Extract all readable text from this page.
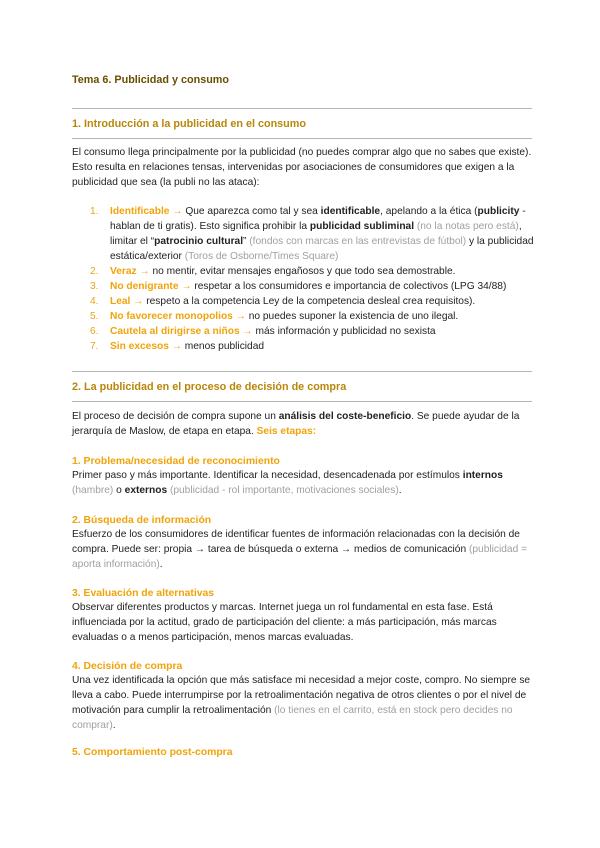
Tema 6. Publicidad y consumo
1. Introducción a la publicidad en el consumo

El consumo llega principalmente por la publicidad (no puedes comprar algo que no sabes que existe). Esto resulta en relaciones tensas, intervenidas por asociaciones de consumidores que exigen a la publicidad que sea (la publi no las ataca):

1. Identificable → Que aparezca como tal y sea identificable, apelando a la ética (publicity - hablan de ti gratis). Esto significa prohibir la publicidad subliminal (no la notas pero está), limitar el “patrocinio cultural” (fondos con marcas en las entrevistas de fútbol) y la publicidad estática/exterior (Toros de Osborne/Times Square)
2. Veraz → no mentir, evitar mensajes engañosos y que todo sea demostrable.
3. No denigrante → respetar a los consumidores e importancia de colectivos (LPG 34/88)
4. Leal → respeto a la competencia Ley de la competencia desleal crea requisitos).
5. No favorecer monopolios → no puedes suponer la existencia de uno ilegal.
6. Cautela al dirigirse a niños → más información y publicidad no sexista
7. Sin excesos → menos publicidad
2. La publicidad en el proceso de decisión de compra

El proceso de decisión de compra supone un análisis del coste-beneficio. Se puede ayudar de la jerarquía de Maslow, de etapa en etapa. Seis etapas:

1. Problema/necesidad de reconocimiento

Primer paso y más importante. Identificar la necesidad, desencadenada por estímulos internos (hambre) o externos (publicidad - rol importante, motivaciones sociales).

2. Búsqueda de información

Esfuerzo de los consumidores de identificar fuentes de información relacionadas con la decisión de compra. Puede ser: propia → tarea de búsqueda o externa → medios de comunicación (publicidad = aporta información).

3. Evaluación de alternativas

Observar diferentes productos y marcas. Internet juega un rol fundamental en esta fase. Está influenciada por la actitud, grado de participación del cliente: a más participación, más marcas evaluadas o a menos participación, menos marcas evaluadas.

4. Decisión de compra

Una vez identificada la opción que más satisface mi necesidad a mejor coste, compro. No siempre se lleva a cabo. Puede interrumpirse por la retroalimentación negativa de otros clientes o por el nivel de motivación para cumplir la retroalimentación (lo tienes en el carrito, está en stock pero decides no comprar).

5. Comportamiento post-compra
